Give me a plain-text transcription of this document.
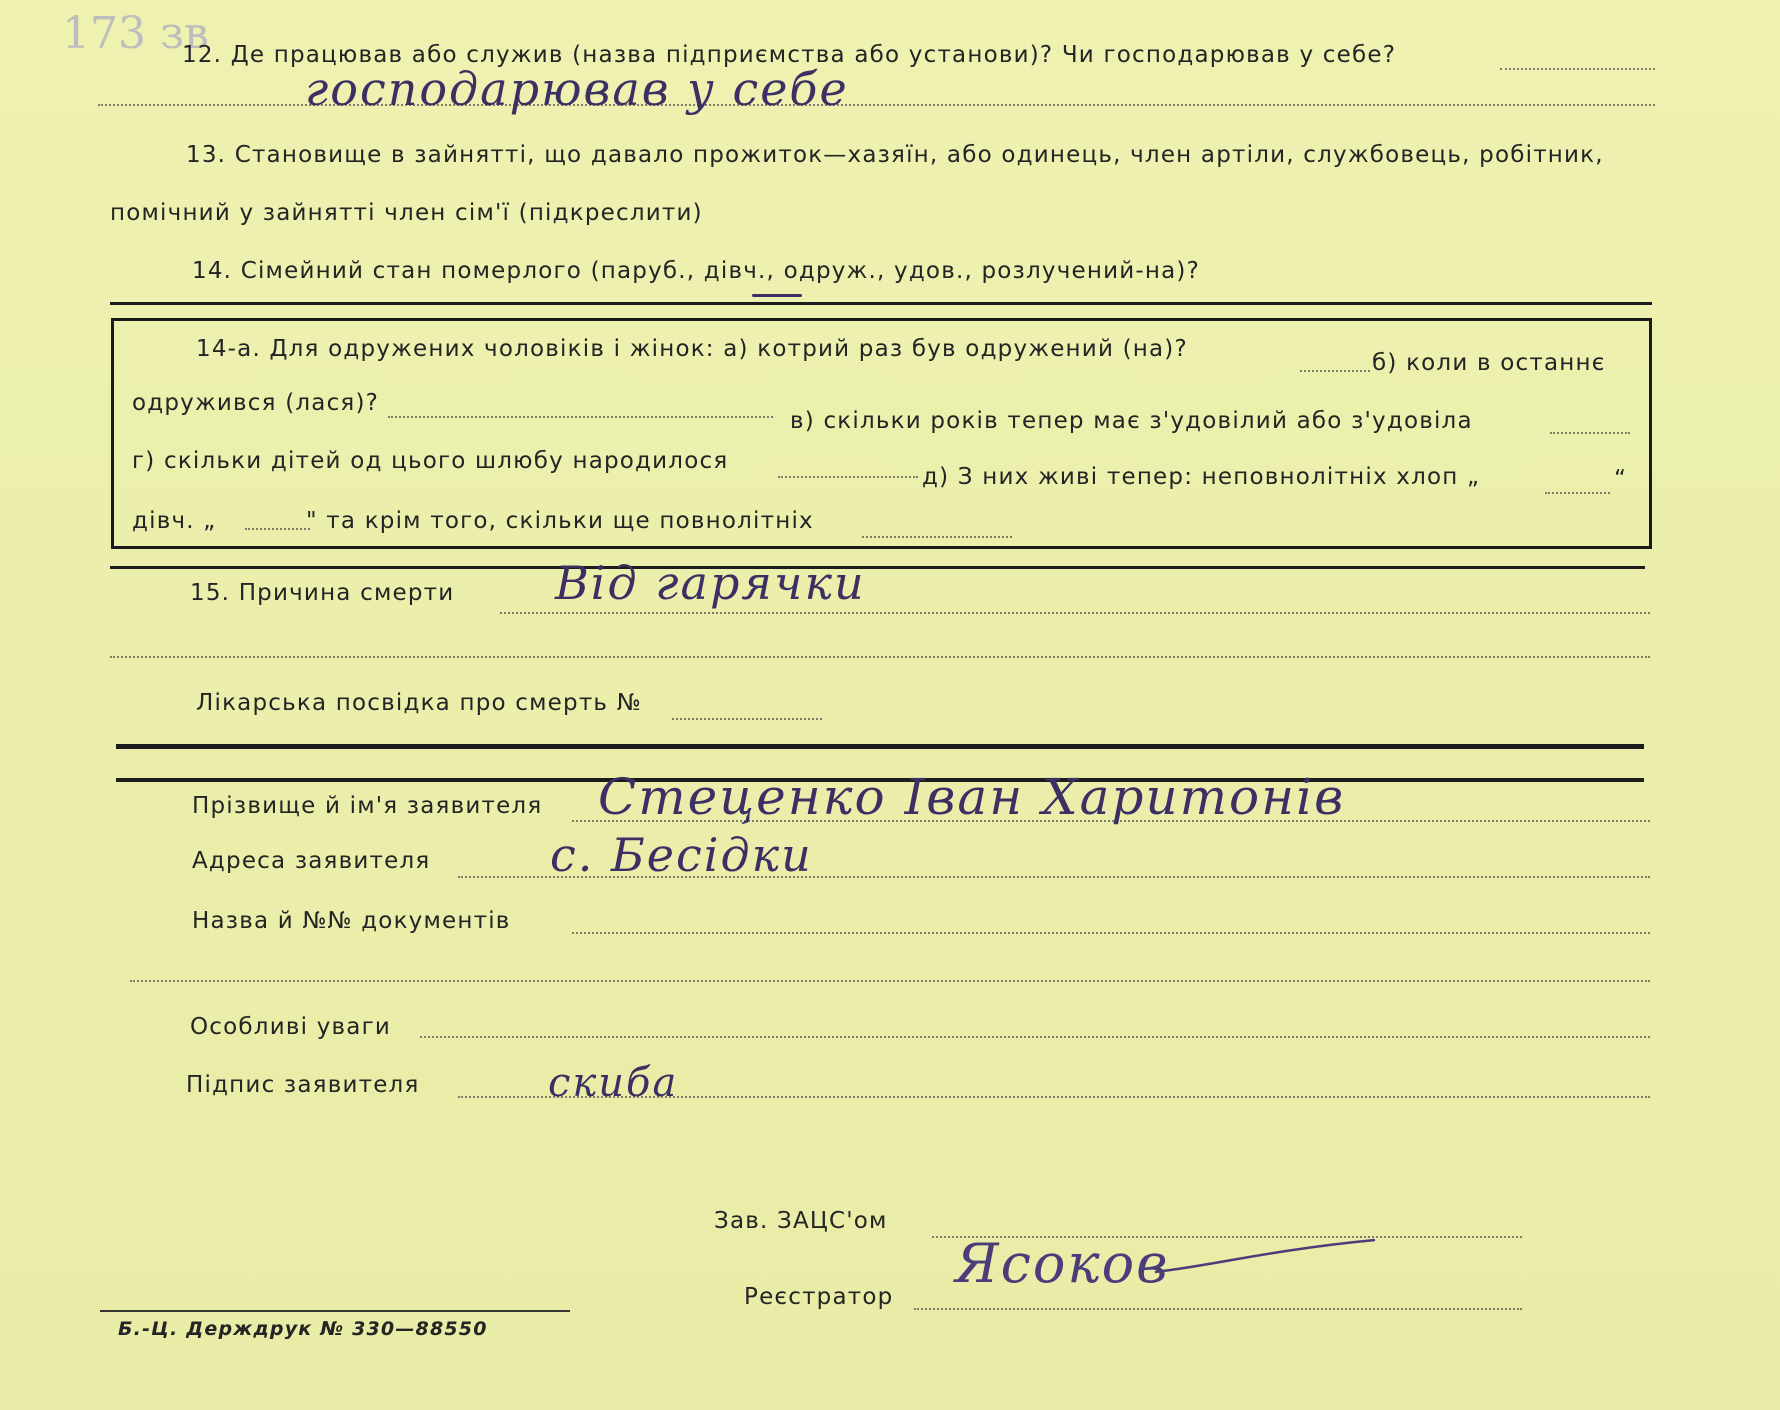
173 зв
12. Де працював або служив (назва підприємства або установи)? Чи господарював у себе?
господарював у себе
13. Становище в зайнятті, що давало прожиток—хазяїн, або одинець, член артіли, службовець, робітник,
помічний у зайнятті член сім'ї (підкреслити)
14. Сімейний стан померлого (паруб., дівч., одруж., удов., розлучений-на)?
14-а. Для одружених чоловіків і жінок: а) котрий раз був одружений (на)?
б) коли в останнє
одружився (лася)?
в) скільки років тепер має з'удовілий або з'удовіла
г) скільки дітей од цього шлюбу народилося
д) З них живі тепер: неповнолітніх хлоп „	“
дівч. „	" та крім того, скільки ще повнолітніх
15. Причина смерти Від гарячки
Лікарська посвідка про смерть №
Прізвище й ім'я заявителя Стеценко Іван Харитонів
Адреса заявителя	с. Бесідки
Назва й №№ документів
Особливі уваги
Підпис заявителя	скиба
Зав. ЗАЦС'ом
Реєстратор
Ясоков
Б.-Ц. Держдрук № 330—88550
